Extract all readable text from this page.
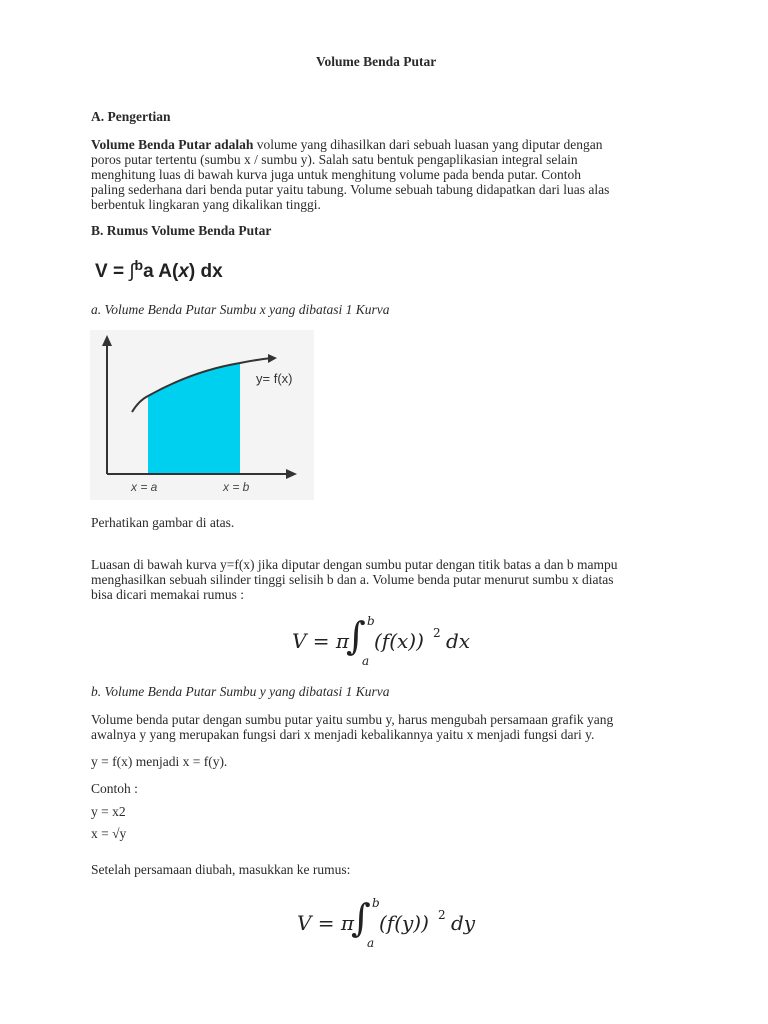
Volume Benda Putar
A. Pengertian
Volume Benda Putar adalah volume yang dihasilkan dari sebuah luasan yang diputar dengan
poros putar tertentu (sumbu x / sumbu y). Salah satu bentuk pengaplikasian integral selain
menghitung luas di bawah kurva juga untuk menghitung volume pada benda putar. Contoh
paling sederhana dari benda putar yaitu tabung. Volume sebuah tabung didapatkan dari luas alas
berbentuk lingkaran yang dikalikan tinggi.
B. Rumus Volume Benda Putar
V = ∫$^b$a A(x) dx
a. Volume Benda Putar Sumbu x yang dibatasi 1 Kurva
y= f(x)
x = a	x = b
Perhatikan gambar di atas.
Luasan di bawah kurva y=f(x) jika diputar dengan sumbu putar dengan titik batas a dan b mampu
menghasilkan sebuah silinder tinggi selisih b dan a. Volume benda putar menurut sumbu x diatas
bisa dicari memakai rumus :
V = π
∫ b
a
(f(x)) 2 dx
b. Volume Benda Putar Sumbu y yang dibatasi 1 Kurva
Volume benda putar dengan sumbu putar yaitu sumbu y, harus mengubah persamaan grafik yang
awalnya y yang merupakan fungsi dari x menjadi kebalikannya yaitu x menjadi fungsi dari y.
y = f(x) menjadi x = f(y).
Contoh :
y = x2
x = √y
Setelah persamaan diubah, masukkan ke rumus:
V = π
∫ b
a
(f(y)) 2 dy
